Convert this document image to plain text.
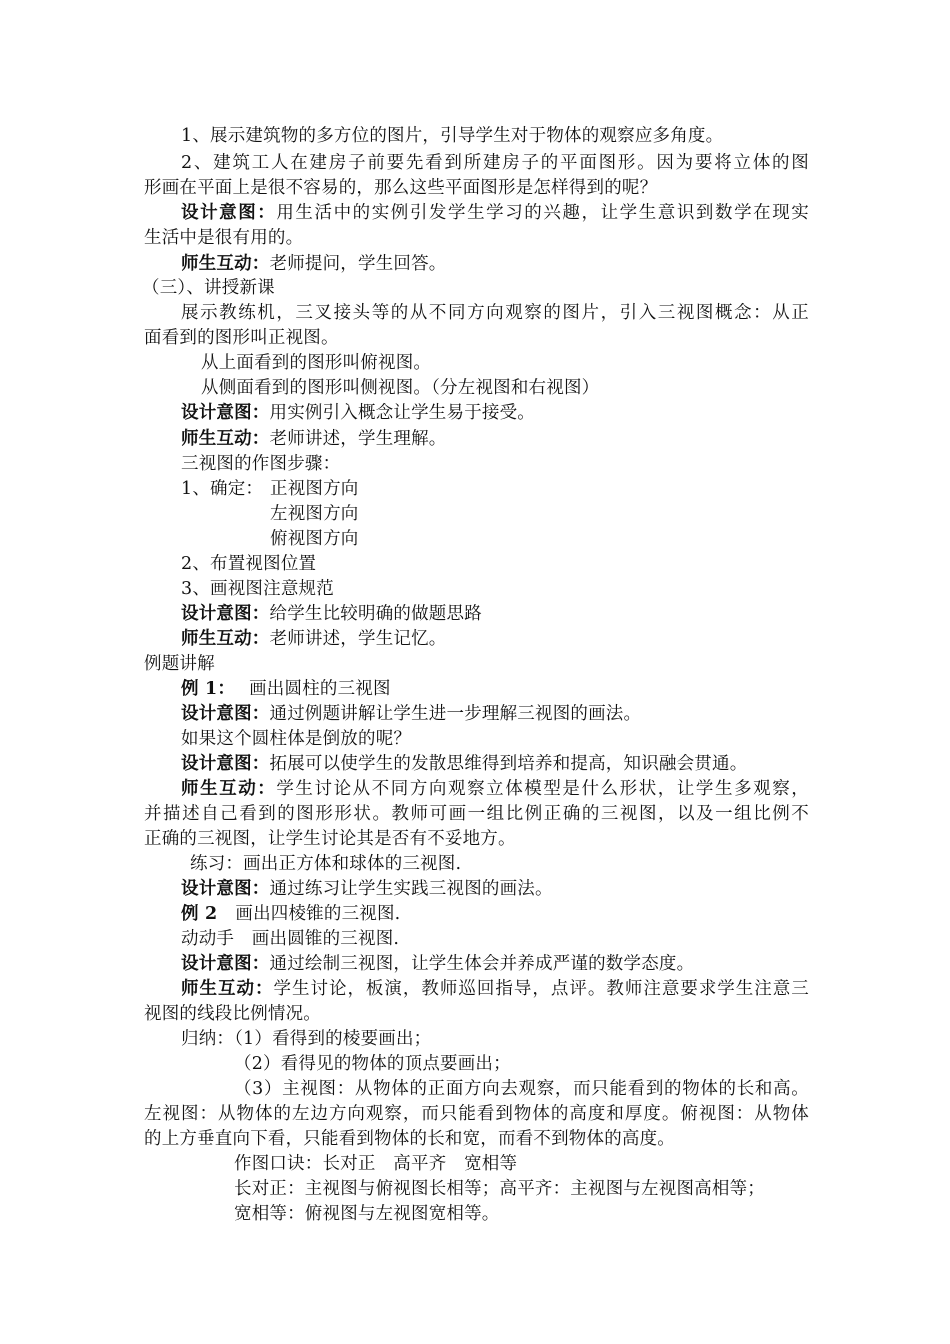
1、展示建筑物的多方位的图片，引导学生对于物体的观察应多角度。

2、建筑工人在建房子前要先看到所建房子的平面图形。因为要将立体的图

形画在平面上是很不容易的，那么这些平面图形是怎样得到的呢？

设计意图：用生活中的实例引发学生学习的兴趣，让学生意识到数学在现实

生活中是很有用的。

师生互动：老师提问，学生回答。

（三）、讲授新课

展示教练机，三叉接头等的从不同方向观察的图片，引入三视图概念：从正

面看到的图形叫正视图。

从上面看到的图形叫俯视图。

从侧面看到的图形叫侧视图。（分左视图和右视图）

设计意图：用实例引入概念让学生易于接受。

师生互动：老师讲述，学生理解。

三视图的作图步骤：

1、确定： 正视图方向

左视图方向

俯视图方向

2、布置视图位置

3、画视图注意规范

设计意图：给学生比较明确的做题思路

师生互动：老师讲述，学生记忆。

例题讲解

例 1： 画出圆柱的三视图

设计意图：通过例题讲解让学生进一步理解三视图的画法。

如果这个圆柱体是倒放的呢？

设计意图：拓展可以使学生的发散思维得到培养和提高，知识融会贯通。

师生互动：学生讨论从不同方向观察立体模型是什么形状，让学生多观察，

并描述自己看到的图形形状。教师可画一组比例正确的三视图，以及一组比例不

正确的三视图，让学生讨论其是否有不妥地方。

练习：画出正方体和球体的三视图.

设计意图：通过练习让学生实践三视图的画法。

例 2 画出四棱锥的三视图.

动动手　画出圆锥的三视图.

设计意图：通过绘制三视图，让学生体会并养成严谨的数学态度。

师生互动：学生讨论，板演，教师巡回指导，点评。教师注意要求学生注意三

视图的线段比例情况。

归纳：（1）看得到的棱要画出；

（2）看得见的物体的顶点要画出；

（3）主视图：从物体的正面方向去观察，而只能看到的物体的长和高。

左视图：从物体的左边方向观察，而只能看到物体的高度和厚度。俯视图：从物体

的上方垂直向下看，只能看到物体的长和宽，而看不到物体的高度。

作图口诀：长对正　高平齐　宽相等

长对正：主视图与俯视图长相等；高平齐：主视图与左视图高相等；

宽相等：俯视图与左视图宽相等。
